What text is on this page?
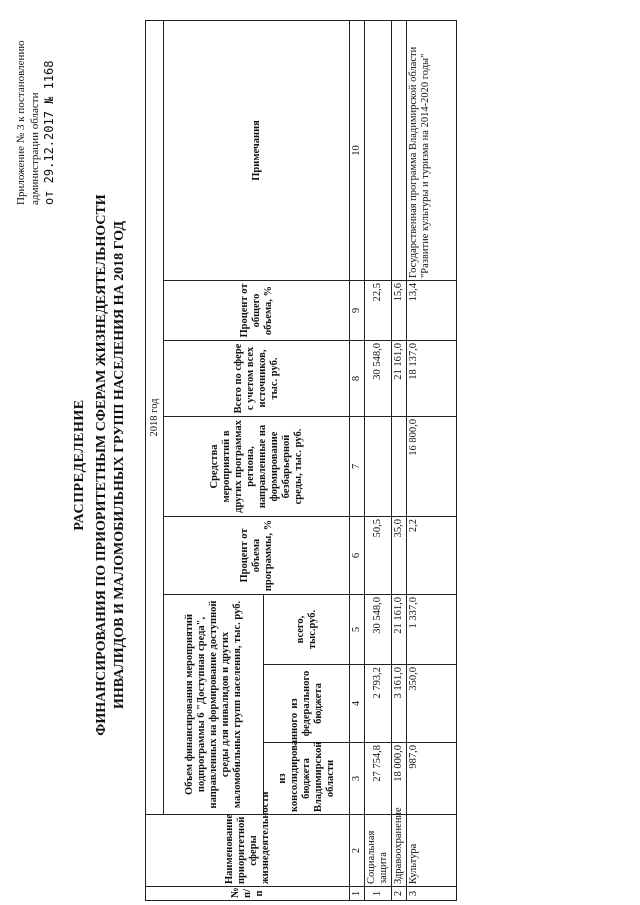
Приложение № 3 к постановлению администрации области от 29.12.2017 № 1168
РАСПРЕДЕЛЕНИЕ ФИНАНСИРОВАНИЯ ПО ПРИОРИТЕТНЫМ СФЕРАМ ЖИЗНЕДЕЯТЕЛЬНОСТИ ИНВАЛИДОВ И МАЛОМОБИЛЬНЫХ ГРУПП НАСЕЛЕНИЯ НА 2018 ГОД
№ п/п	Наименование приоритетной сферы жизнедеятельности	2018 год							
		Объем финансирования мероприятий подпрограммы 6 "Доступная среда", направленных на формирование доступной среды для инвалидов и других маломобильных групп населения, тыс. руб.			Процент от объема программы, %	Средства мероприятий в других программах региона, направленные на формирование безбарьерной среды, тыс. руб.	Всего по сфере с учетом всех источников, тыс. руб.	Процент от общего объема, %	Примечания
		из консолидированного бюджета Владимирской области	из федерального бюджета	всего, тыс.руб.					
1	2	3	4	5	6	7	8	9	10
1	Социальная защита	27 754,8	2 793,2	30 548,0	50,5		30 548,0	22,5	
2	Здравоохранение	18 000,0	3 161,0	21 161,0	35,0		21 161,0	15,6	
3	Культура	987,0	350,0	1 337,0	2,2	16 800,0	18 137,0	13,4	Государственная программа Владимирской области "Развитие культуры и туризма на 2014-2020 годы"
